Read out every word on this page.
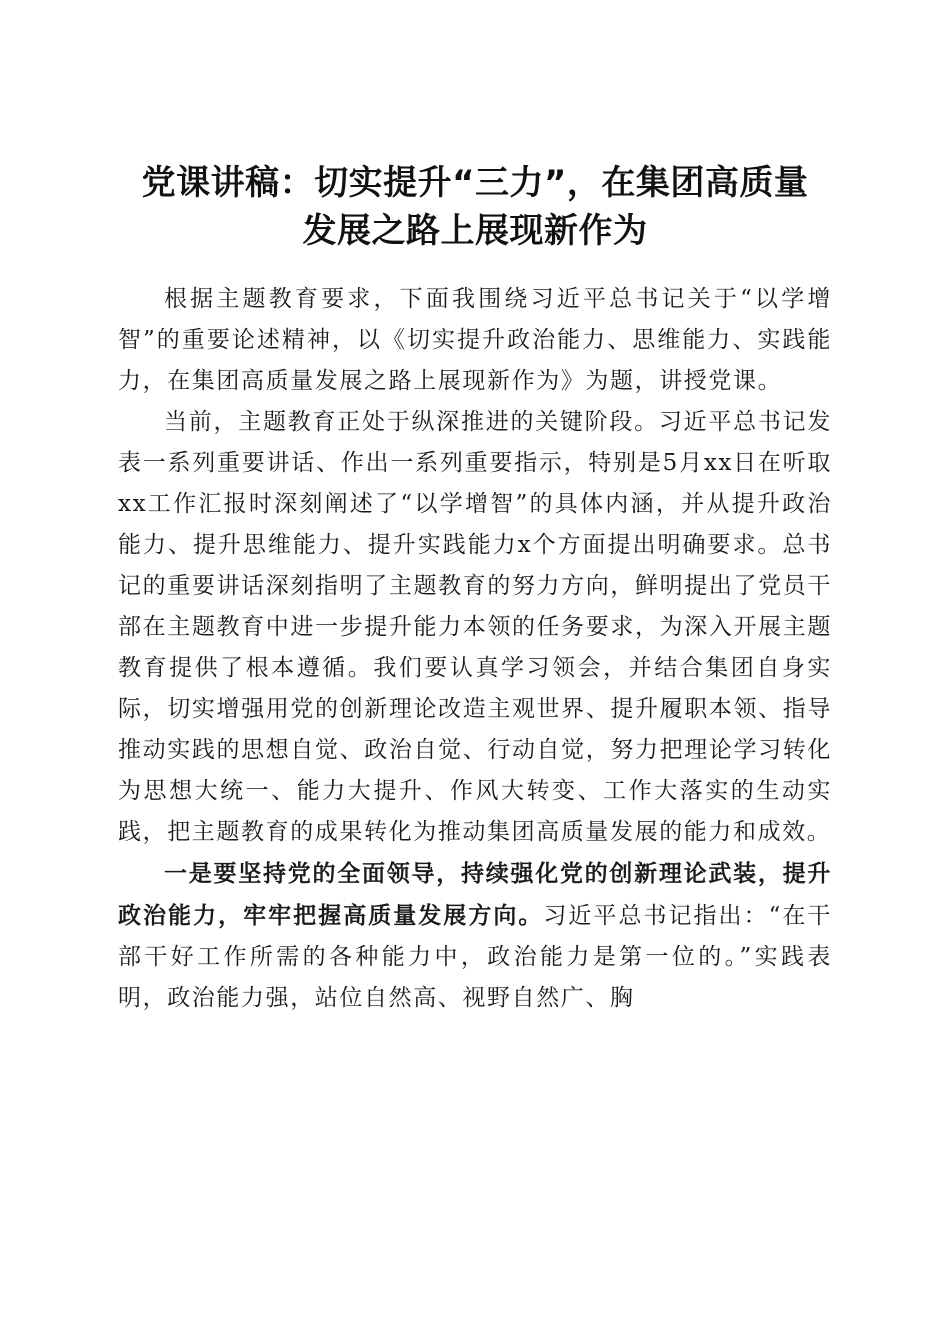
党课讲稿：切实提升“三力”，在集团高质量
发展之路上展现新作为

根据主题教育要求，下面我围绕习近平总书记关于“以学增智”的重要论述精神，以《切实提升政治能力、思维能力、实践能力，在集团高质量发展之路上展现新作为》为题，讲授党课。

当前，主题教育正处于纵深推进的关键阶段。习近平总书记发表一系列重要讲话、作出一系列重要指示，特别是5月xx日在听取xx工作汇报时深刻阐述了“以学增智”的具体内涵，并从提升政治能力、提升思维能力、提升实践能力x个方面提出明确要求。总书记的重要讲话深刻指明了主题教育的努力方向，鲜明提出了党员干部在主题教育中进一步提升能力本领的任务要求，为深入开展主题教育提供了根本遵循。我们要认真学习领会，并结合集团自身实际，切实增强用党的创新理论改造主观世界、提升履职本领、指导推动实践的思想自觉、政治自觉、行动自觉，努力把理论学习转化为思想大统一、能力大提升、作风大转变、工作大落实的生动实践，把主题教育的成果转化为推动集团高质量发展的能力和成效。

一是要坚持党的全面领导，持续强化党的创新理论武装，提升政治能力，牢牢把握高质量发展方向。习近平总书记指出：“在干部干好工作所需的各种能力中，政治能力是第一位的。”实践表明，政治能力强，站位自然高、视野自然广、胸
